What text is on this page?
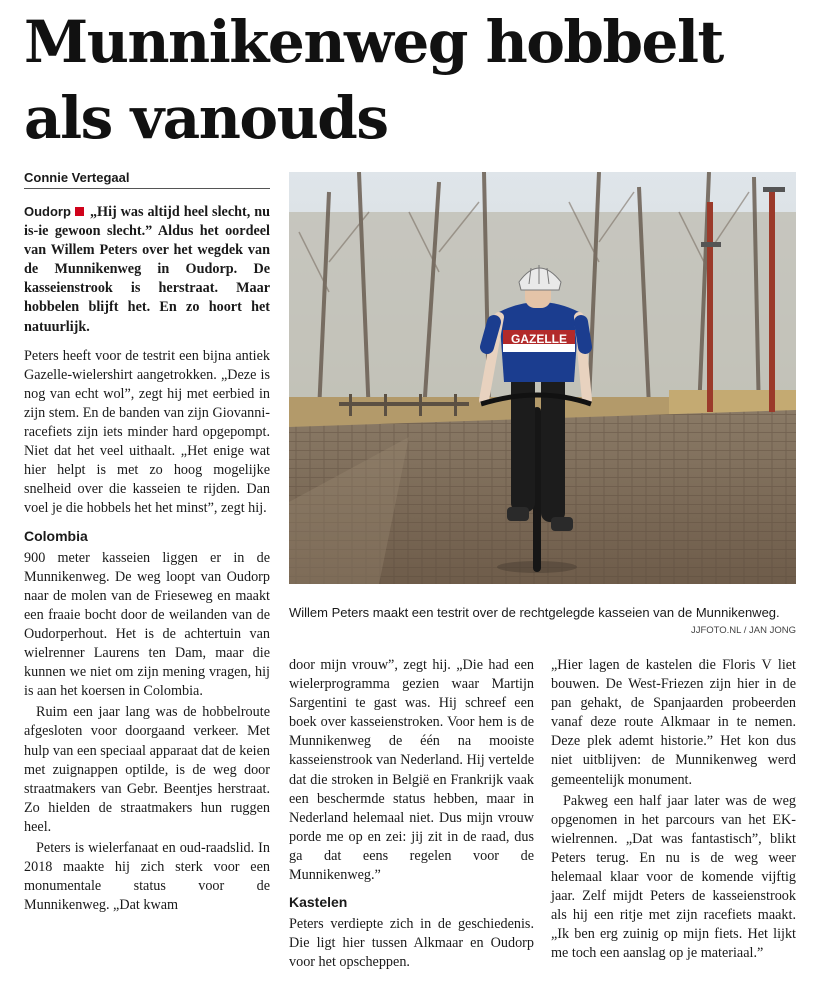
Munnikenweg hobbelt als vanouds
Connie Vertegaal

Oudorp „Hij was altijd heel slecht, nu is-ie gewoon slecht.” Aldus het oordeel van Willem Peters over het wegdek van de Munnikenweg in Oudorp. De kasseienstrook is herstraat. Maar hobbelen blijft het. En zo hoort het natuurlijk.

Peters heeft voor de testrit een bijna antiek Gazelle-wielershirt aangetrokken. „Deze is nog van echt wol”, zegt hij met eerbied in zijn stem. En de banden van zijn Giovanni-racefiets zijn iets minder hard opgepompt. Niet dat het veel uithaalt. „Het enige wat hier helpt is met zo hoog mogelijke snelheid over die kasseien te rijden. Dan voel je die hobbels het het minst”, zegt hij.

Colombia

900 meter kasseien liggen er in de Munnikenweg. De weg loopt van Oudorp naar de molen van de Frieseweg en maakt een fraaie bocht door de weilanden van de Oudorperhout. Het is de achtertuin van wielrenner Laurens ten Dam, maar die kunnen we niet om zijn mening vragen, hij is aan het koersen in Colombia.

Ruim een jaar lang was de hobbelroute afgesloten voor doorgaand verkeer. Met hulp van een speciaal apparaat dat de keien met zuignappen optilde, is de weg door straatmakers van Gebr. Beentjes herstraat. Zo hielden de straatmakers hun ruggen heel.

Peters is wielerfanaat en oud-raadslid. In 2018 maakte hij zich sterk voor een monumentale status voor de Munnikenweg. „Dat kwam

GAZELLE
Willem Peters maakt een testrit over de rechtgelegde kasseien van de Munnikenweg.
JJFOTO.NL / JAN JONG

door mijn vrouw”, zegt hij. „Die had een wielerprogramma gezien waar Martijn Sargentini te gast was. Hij schreef een boek over kasseienstroken. Voor hem is de Munnikenweg de één na mooiste kasseienstrook van Nederland. Hij vertelde dat die stroken in België en Frankrijk vaak een beschermde status hebben, maar in Nederland helemaal niet. Dus mijn vrouw porde me op en zei: jij zit in de raad, dus ga dat eens regelen voor de Munnikenweg.”

Kastelen

Peters verdiepte zich in de geschiedenis. Die ligt hier tussen Alkmaar en Oudorp voor het opscheppen.

„Hier lagen de kastelen die Floris V liet bouwen. De West-Friezen zijn hier in de pan gehakt, de Spanjaarden probeerden vanaf deze route Alkmaar in te nemen. Deze plek ademt historie.” Het kon dus niet uitblijven: de Munnikenweg werd gemeentelijk monument.

Pakweg een half jaar later was de weg opgenomen in het parcours van het EK-wielrennen. „Dat was fantastisch”, blikt Peters terug. En nu is de weg weer helemaal klaar voor de komende vijftig jaar. Zelf mijdt Peters de kasseienstrook als hij een ritje met zijn racefiets maakt. „Ik ben erg zuinig op mijn fiets. Het lijkt me toch een aanslag op je materiaal.”
